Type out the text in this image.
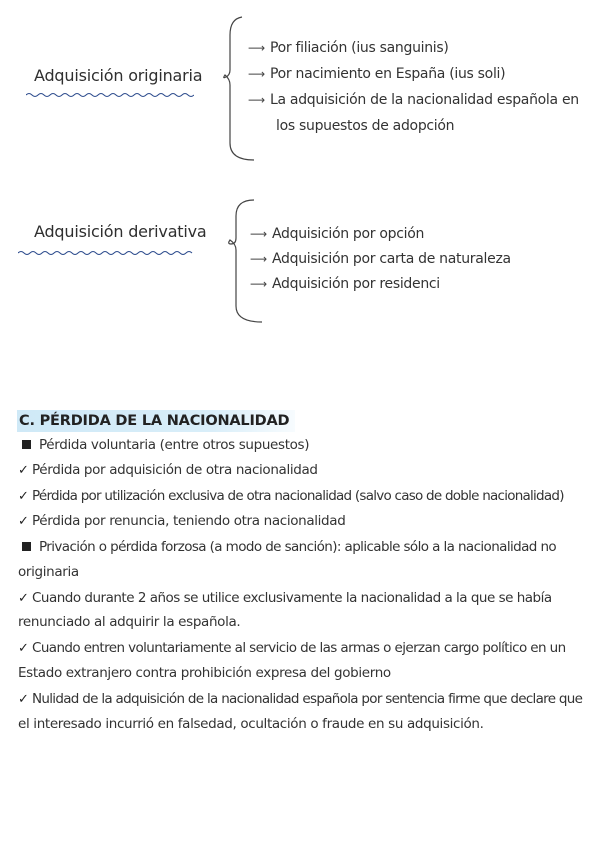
Adquisición originaria
⟶ Por filiación (ius sanguinis)
⟶ Por nacimiento en España (ius soli)
⟶ La adquisición de la nacionalidad española en
los supuestos de adopción
Adquisición derivativa	⟶ Adquisición por opción
⟶ Adquisición por carta de naturaleza
⟶ Adquisición por residenci
C. PÉRDIDA DE LA NACIONALIDAD
Pérdida voluntaria (entre otros supuestos)
✓ Pérdida por adquisición de otra nacionalidad
✓ Pérdida por utilización exclusiva de otra nacionalidad (salvo caso de doble nacionalidad)
✓ Pérdida por renuncia, teniendo otra nacionalidad
Privación o pérdida forzosa (a modo de sanción): aplicable sólo a la nacionalidad no
originaria
✓ Cuando durante 2 años se utilice exclusivamente la nacionalidad a la que se había
renunciado al adquirir la española.
✓ Cuando entren voluntariamente al servicio de las armas o ejerzan cargo político en un
Estado extranjero contra prohibición expresa del gobierno
✓ Nulidad de la adquisición de la nacionalidad española por sentencia firme que declare que
el interesado incurrió en falsedad, ocultación o fraude en su adquisición.
